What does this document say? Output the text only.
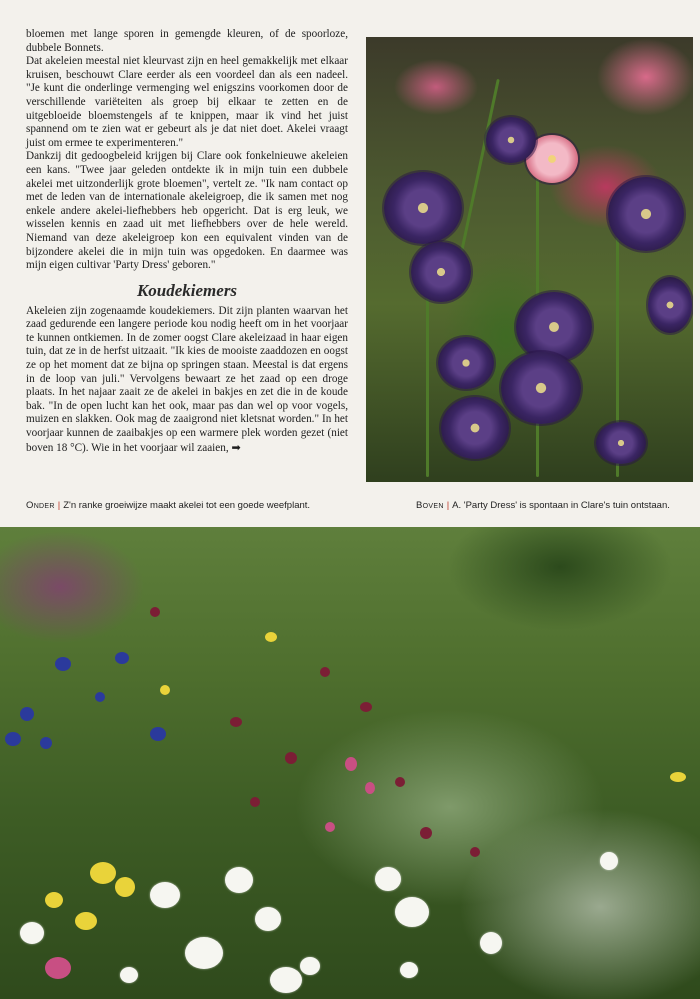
bloemen met lange sporen in gemengde kleuren, of de spoorloze, dubbele Bonnets.

Dat akeleien meestal niet kleurvast zijn en heel gemakkelijk met elkaar kruisen, beschouwt Clare eerder als een voordeel dan als een nadeel. "Je kunt die onderlinge vermenging wel enigszins voorkomen door de verschillende variëteiten als groep bij elkaar te zetten en de uitgebloeide bloemstengels af te knippen, maar ik vind het juist spannend om te zien wat er gebeurt als je dat niet doet. Akelei vraagt juist om ermee te experimenteren."

Dankzij dit gedoogbeleid krijgen bij Clare ook fonkelnieuwe akeleien een kans. "Twee jaar geleden ontdekte ik in mijn tuin een dubbele akelei met uitzonderlijk grote bloemen", vertelt ze. "Ik nam contact op met de leden van de internationale akeleigroep, die ik samen met nog enkele andere akelei-liefhebbers heb opgericht. Dat is erg leuk, we wisselen kennis en zaad uit met liefhebbers over de hele wereld. Niemand van deze akeleigroep kon een equivalent vinden van de bijzondere akelei die in mijn tuin was opgedoken. En daarmee was mijn eigen cultivar 'Party Dress' geboren."

Koudekiemers

Akeleien zijn zogenaamde koudekiemers. Dit zijn planten waarvan het zaad gedurende een langere periode kou nodig heeft om in het voorjaar te kunnen ontkiemen. In de zomer oogst Clare akeleizaad in haar eigen tuin, dat ze in de herfst uitzaait. "Ik kies de mooiste zaaddozen en oogst ze op het moment dat ze bijna op springen staan. Meestal is dat ergens in de loop van juli." Vervolgens bewaart ze het zaad op een droge plaats. In het najaar zaait ze de akelei in bakjes en zet die in de koude bak. "In de open lucht kan het ook, maar pas dan wel op voor vogels, muizen en slakken. Ook mag de zaaigrond niet kletsnat worden." In het voorjaar kunnen de zaaibakjes op een warmere plek worden gezet (niet boven 18 °C). Wie in het voorjaar wil zaaien, ➡

Onder | Z'n ranke groeiwijze maakt akelei tot een goede weefplant.	Boven | A. 'Party Dress' is spontaan in Clare's tuin ontstaan.
